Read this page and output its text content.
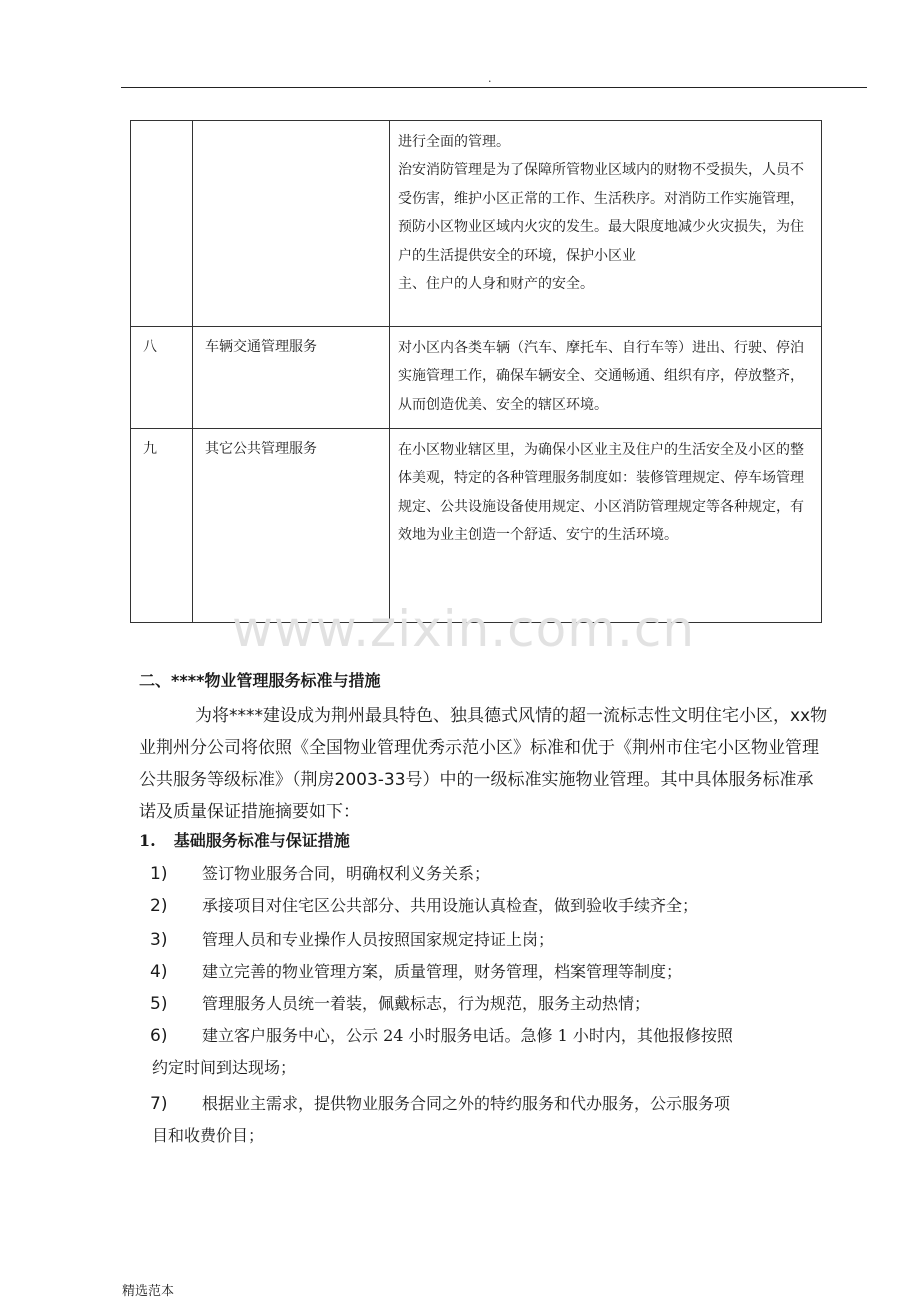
.

		进行全面的管理。

治安消防管理是为了保障所管物业区域内的财物不受损失，人员不受伤害，维护小区正常的工作、生活秩序。对消防工作实施管理，预防小区物业区域内火灾的发生。最大限度地减少火灾损失，为住户的生活提供安全的环境，保护小区业

主、住户的人身和财产的安全。

八	车辆交通管理服务	对小区内各类车辆（汽车、摩托车、自行车等）进出、行驶、停泊实施管理工作，确保车辆安全、交通畅通、组织有序，停放整齐，从而创造优美、安全的辖区环境。

九	其它公共管理服务	在小区物业辖区里，为确保小区业主及住户的生活安全及小区的整体美观，特定的各种管理服务制度如：装修管理规定、停车场管理规定、公共设施设备使用规定、小区消防管理规定等各种规定，有效地为业主创造一个舒适、安宁的生活环境。

www.zixin.com.cn
二、****物业管理服务标准与措施
为将****建设成为荆州最具特色、独具德式风情的超一流标志性文明住宅小区，xx物业荆州分公司将依照《全国物业管理优秀示范小区》标准和优于《荆州市住宅小区物业管理公共服务等级标准》（荆房2003-33号）中的一级标准实施物业管理。其中具体服务标准承诺及质量保证措施摘要如下：
1. 基础服务标准与保证措施
1) 签订物业服务合同，明确权利义务关系；
2) 承接项目对住宅区公共部分、共用设施认真检查，做到验收手续齐全；
3) 管理人员和专业操作人员按照国家规定持证上岗；
4) 建立完善的物业管理方案，质量管理，财务管理，档案管理等制度；
5) 管理服务人员统一着装，佩戴标志，行为规范，服务主动热情；
6) 建立客户服务中心，公示 24 小时服务电话。急修 1 小时内，其他报修按照
约定时间到达现场；
7) 根据业主需求，提供物业服务合同之外的特约服务和代办服务，公示服务项
目和收费价目；
精选范本
